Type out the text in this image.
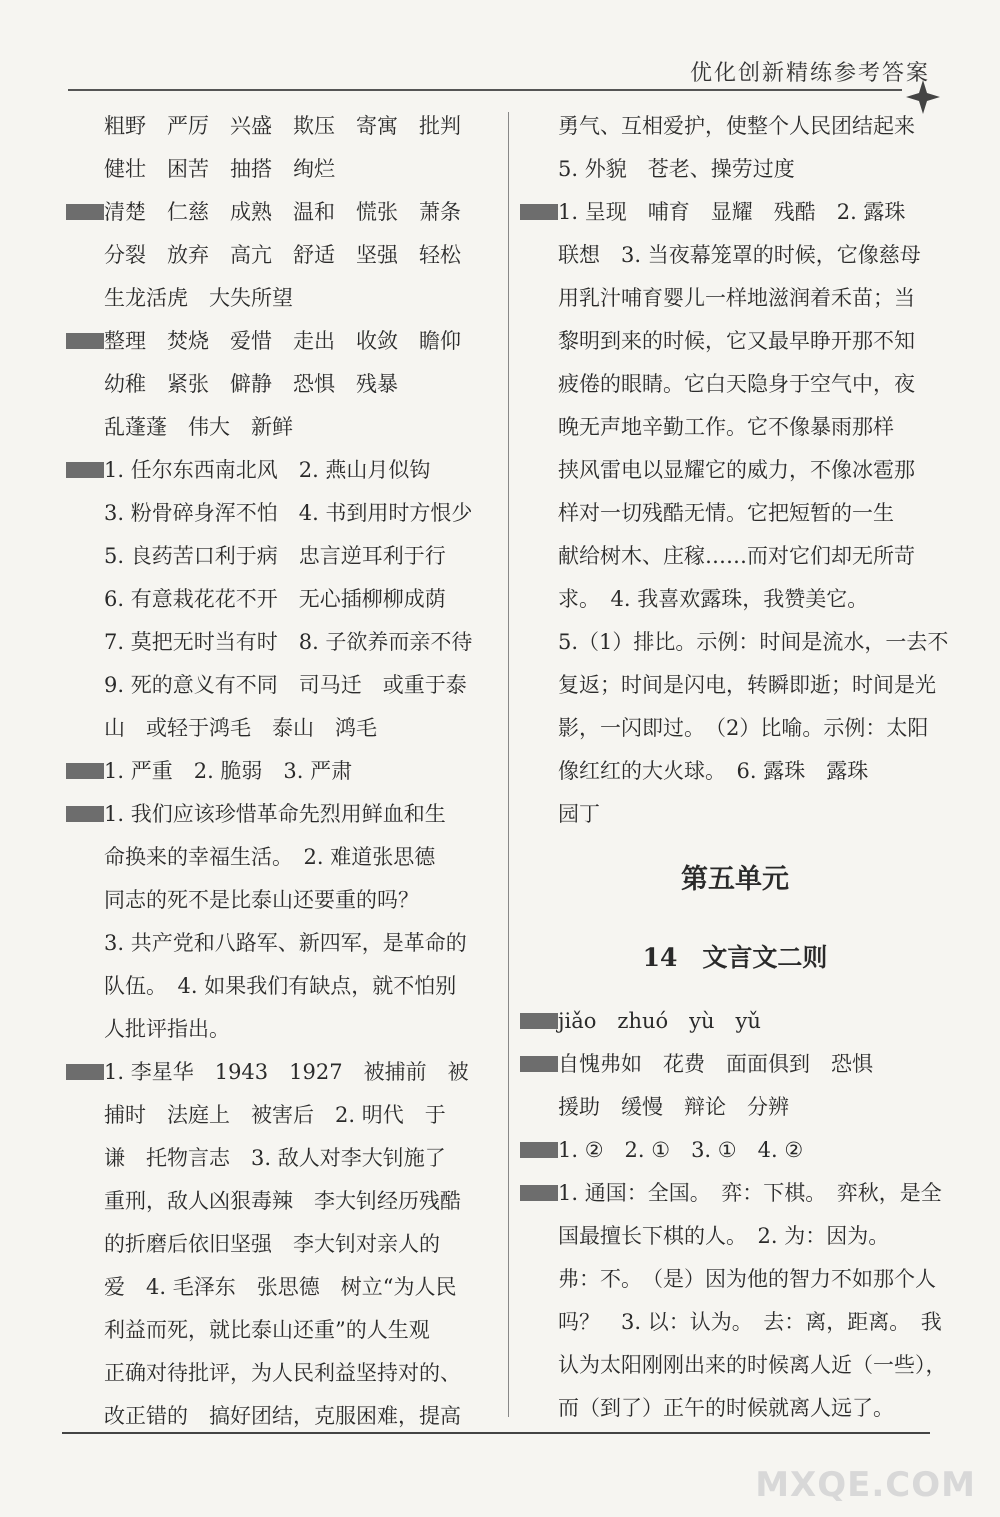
优化创新精练参考答案
粗野　严厉　兴盛　欺压　寄寓　批判
健壮　困苦　抽搭　绚烂
清楚　仁慈　成熟　温和　慌张　萧条
分裂　放弃　高亢　舒适　坚强　轻松
生龙活虎　大失所望
整理　焚烧　爱惜　走出　收敛　瞻仰
幼稚　紧张　僻静　恐惧　残暴
乱蓬蓬　伟大　新鲜
1. 任尔东西南北风　2. 燕山月似钩
3. 粉骨碎身浑不怕　4. 书到用时方恨少
5. 良药苦口利于病　忠言逆耳利于行
6. 有意栽花花不开　无心插柳柳成荫
7. 莫把无时当有时　8. 子欲养而亲不待
9. 死的意义有不同　司马迁　或重于泰
山　或轻于鸿毛　泰山　鸿毛
1. 严重　2. 脆弱　3. 严肃
1. 我们应该珍惜革命先烈用鲜血和生
命换来的幸福生活。　2. 难道张思德
同志的死不是比泰山还要重的吗？
3. 共产党和八路军、新四军，是革命的
队伍。　4. 如果我们有缺点，就不怕别
人批评指出。
1. 李星华　1943　1927　被捕前　被
捕时　法庭上　被害后　2. 明代　于
谦　托物言志　3. 敌人对李大钊施了
重刑，敌人凶狠毒辣　李大钊经历残酷
的折磨后依旧坚强　李大钊对亲人的
爱　4. 毛泽东　张思德　树立“为人民
利益而死，就比泰山还重”的人生观
正确对待批评，为人民利益坚持对的、
改正错的　搞好团结，克服困难，提高
勇气、互相爱护，使整个人民团结起来
5. 外貌　苍老、操劳过度
1. 呈现　哺育　显耀　残酷　2. 露珠
联想　3. 当夜幕笼罩的时候，它像慈母
用乳汁哺育婴儿一样地滋润着禾苗；当
黎明到来的时候，它又最早睁开那不知
疲倦的眼睛。它白天隐身于空气中，夜
晚无声地辛勤工作。它不像暴雨那样
挟风雷电以显耀它的威力，不像冰雹那
样对一切残酷无情。它把短暂的一生
献给树木、庄稼……而对它们却无所苛
求。　4. 我喜欢露珠，我赞美它。
5.（1）排比。示例：时间是流水，一去不
复返；时间是闪电，转瞬即逝；时间是光
影，一闪即过。　（2）比喻。示例：太阳
像红红的大火球。　6. 露珠　露珠
园丁
第五单元
14　文言文二则
jiǎo　zhuó　yù　yǔ
自愧弗如　花费　面面俱到　恐惧
援助　缓慢　辩论　分辨
1. ②　2. ①　3. ①　4. ②
1. 通国：全国。　弈：下棋。　弈秋，是全
国最擅长下棋的人。　2. 为：因为。
弗：不。　（是）因为他的智力不如那个人
吗？　3. 以：认为。　去：离，距离。　我
认为太阳刚刚出来的时候离人近（一些），
而（到了）正午的时候就离人远了。
MXQE.COM
